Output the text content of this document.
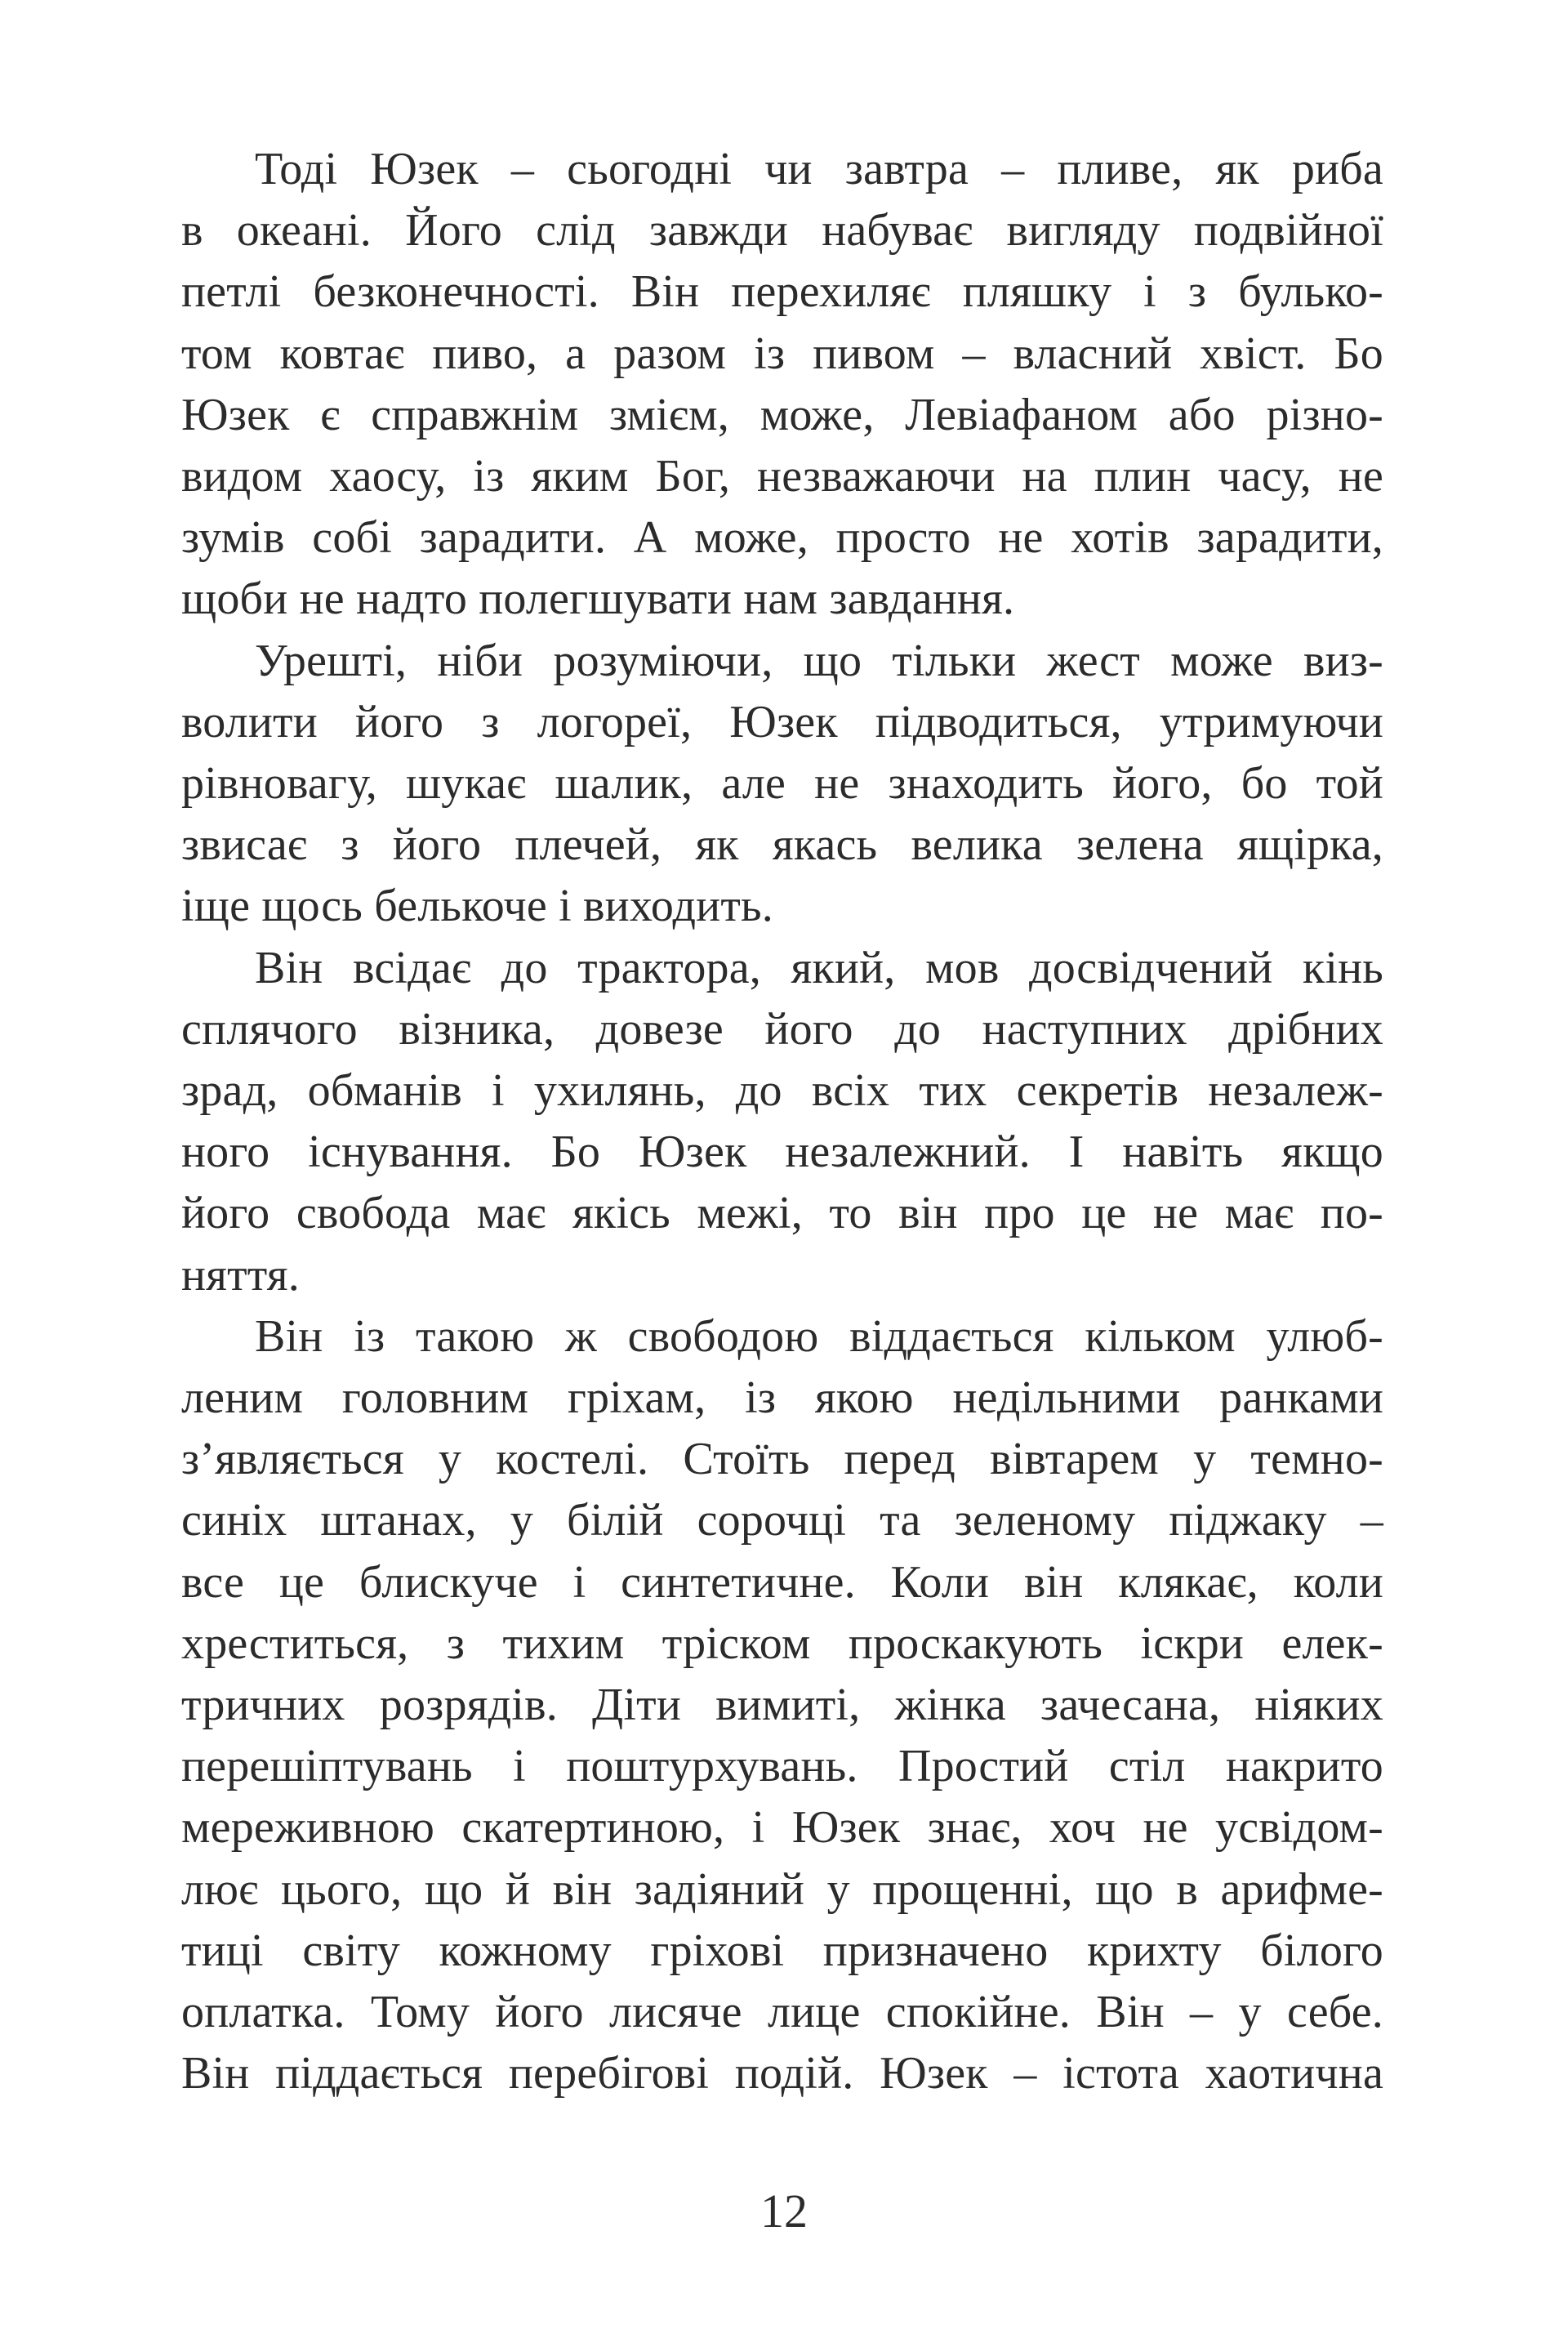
Тоді Юзек – сьогодні чи завтра – пливе, як риба
в океані. Його слід завжди набуває вигляду подвійної
петлі безконечності. Він перехиляє пляшку і з булько-
том ковтає пиво, а разом із пивом – власний хвіст. Бо
Юзек є справжнім змієм, може, Левіафаном або різно-
видом хаосу, із яким Бог, незважаючи на плин часу, не
зумів собі зарадити. А може, просто не хотів зарадити,
щоби не надто полегшувати нам завдання.
Урешті, ніби розуміючи, що тільки жест може виз-
волити його з логореї, Юзек підводиться, утримуючи
рівновагу, шукає шалик, але не знаходить його, бо той
звисає з його плечей, як якась велика зелена ящірка,
іще щось белькоче і виходить.
Він всідає до трактора, який, мов досвідчений кінь
сплячого візника, довезе його до наступних дрібних
зрад, обманів і ухилянь, до всіх тих секретів незалеж-
ного існування. Бо Юзек незалежний. І навіть якщо
його свобода має якісь межі, то він про це не має по-
няття.
Він із такою ж свободою віддається кільком улюб-
леним головним гріхам, із якою недільними ранками
з’являється у костелі. Стоїть перед вівтарем у темно-
синіх штанах, у білій сорочці та зеленому піджаку –
все це блискуче і синтетичне. Коли він клякає, коли
хреститься, з тихим тріском проскакують іскри елек-
тричних розрядів. Діти вимиті, жінка зачесана, ніяких
перешіптувань і поштурхувань. Простий стіл накрито
мереживною скатертиною, і Юзек знає, хоч не усвідом-
лює цього, що й він задіяний у прощенні, що в арифме-
тиці світу кожному гріхові призначено крихту білого
оплатка. Тому його лисяче лице спокійне. Він – у себе.
Він піддається перебігові подій. Юзек – істота хаотична
12
